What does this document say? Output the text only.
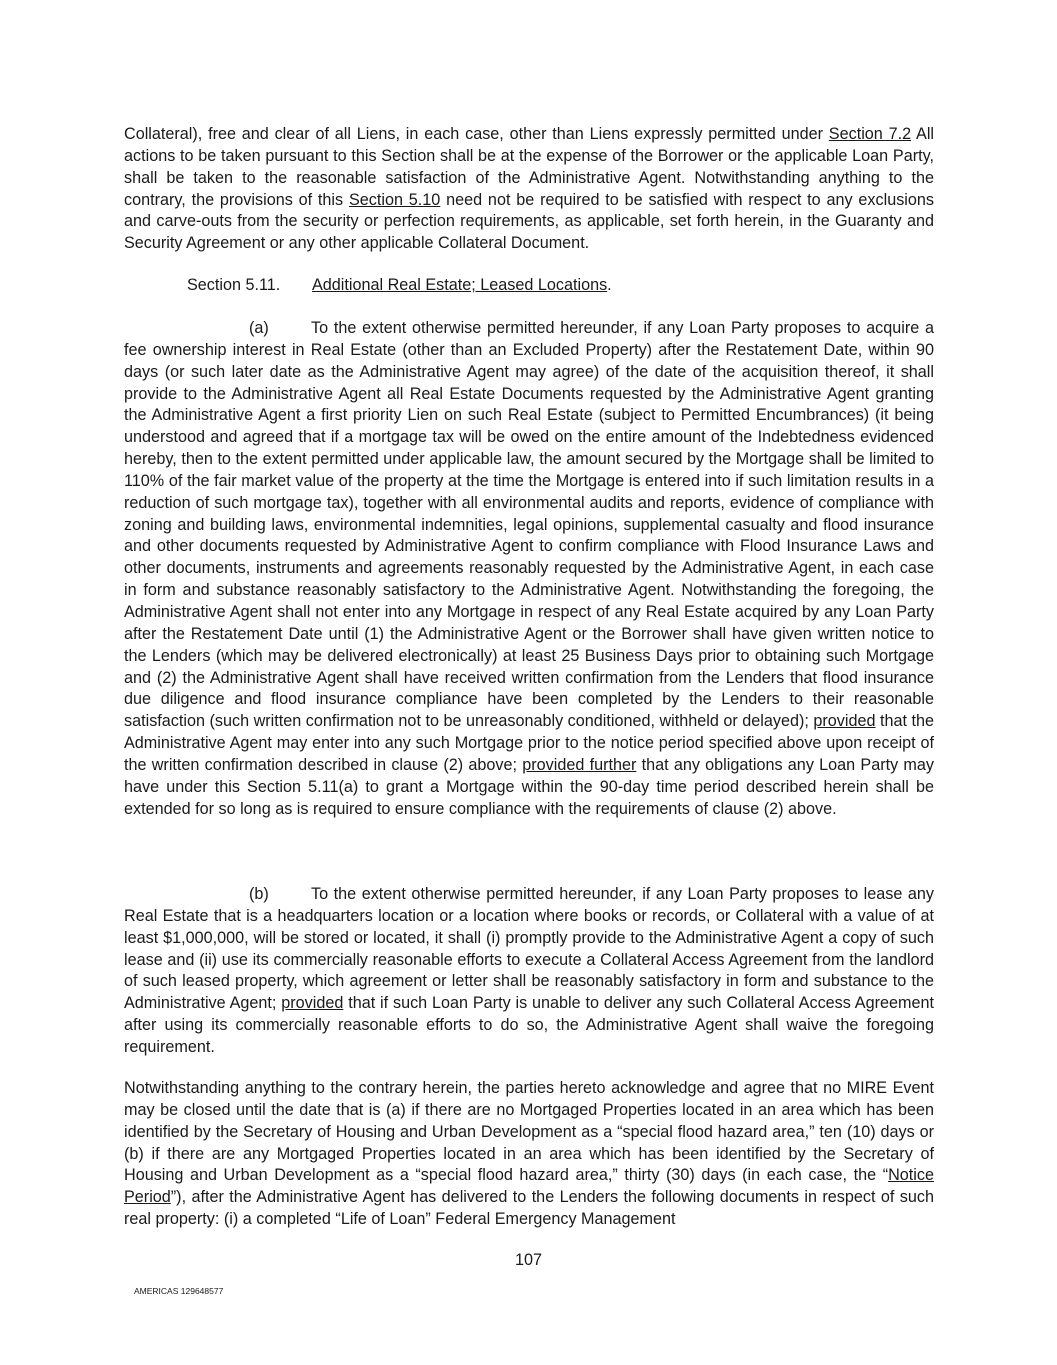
Collateral), free and clear of all Liens, in each case, other than Liens expressly permitted under Section 7.2 All actions to be taken pursuant to this Section shall be at the expense of the Borrower or the applicable Loan Party, shall be taken to the reasonable satisfaction of the Administrative Agent. Notwithstanding anything to the contrary, the provisions of this Section 5.10 need not be required to be satisfied with respect to any exclusions and carve-outs from the security or perfection requirements, as applicable, set forth herein, in the Guaranty and Security Agreement or any other applicable Collateral Document.

Section 5.11. Additional Real Estate; Leased Locations.

(a)	To the extent otherwise permitted hereunder, if any Loan Party proposes to acquire a fee ownership interest in Real Estate (other than an Excluded Property) after the Restatement Date, within 90 days (or such later date as the Administrative Agent may agree) of the date of the acquisition thereof, it shall provide to the Administrative Agent all Real Estate Documents requested by the Administrative Agent granting the Administrative Agent a first priority Lien on such Real Estate (subject to Permitted Encumbrances) (it being understood and agreed that if a mortgage tax will be owed on the entire amount of the Indebtedness evidenced hereby, then to the extent permitted under applicable law, the amount secured by the Mortgage shall be limited to 110% of the fair market value of the property at the time the Mortgage is entered into if such limitation results in a reduction of such mortgage tax), together with all environmental audits and reports, evidence of compliance with zoning and building laws, environmental indemnities, legal opinions, supplemental casualty and flood insurance and other documents requested by Administrative Agent to confirm compliance with Flood Insurance Laws and other documents, instruments and agreements reasonably requested by the Administrative Agent, in each case in form and substance reasonably satisfactory to the Administrative Agent. Notwithstanding the foregoing, the Administrative Agent shall not enter into any Mortgage in respect of any Real Estate acquired by any Loan Party after the Restatement Date until (1) the Administrative Agent or the Borrower shall have given written notice to the Lenders (which may be delivered electronically) at least 25 Business Days prior to obtaining such Mortgage and (2) the Administrative Agent shall have received written confirmation from the Lenders that flood insurance due diligence and flood insurance compliance have been completed by the Lenders to their reasonable satisfaction (such written confirmation not to be unreasonably conditioned, withheld or delayed); provided that the Administrative Agent may enter into any such Mortgage prior to the notice period specified above upon receipt of the written confirmation described in clause (2) above; provided further that any obligations any Loan Party may have under this Section 5.11(a) to grant a Mortgage within the 90-day time period described herein shall be extended for so long as is required to ensure compliance with the requirements of clause (2) above.

(b)	To the extent otherwise permitted hereunder, if any Loan Party proposes to lease any Real Estate that is a headquarters location or a location where books or records, or Collateral with a value of at least $1,000,000, will be stored or located, it shall (i) promptly provide to the Administrative Agent a copy of such lease and (ii) use its commercially reasonable efforts to execute a Collateral Access Agreement from the landlord of such leased property, which agreement or letter shall be reasonably satisfactory in form and substance to the Administrative Agent; provided that if such Loan Party is unable to deliver any such Collateral Access Agreement after using its commercially reasonable efforts to do so, the Administrative Agent shall waive the foregoing requirement.

Notwithstanding anything to the contrary herein, the parties hereto acknowledge and agree that no MIRE Event may be closed until the date that is (a) if there are no Mortgaged Properties located in an area which has been identified by the Secretary of Housing and Urban Development as a “special flood hazard area,” ten (10) days or (b) if there are any Mortgaged Properties located in an area which has been identified by the Secretary of Housing and Urban Development as a “special flood hazard area,” thirty (30) days (in each case, the “Notice Period”), after the Administrative Agent has delivered to the Lenders the following documents in respect of such real property: (i) a completed “Life of Loan” Federal Emergency Management

107
AMERICAS 129648577
